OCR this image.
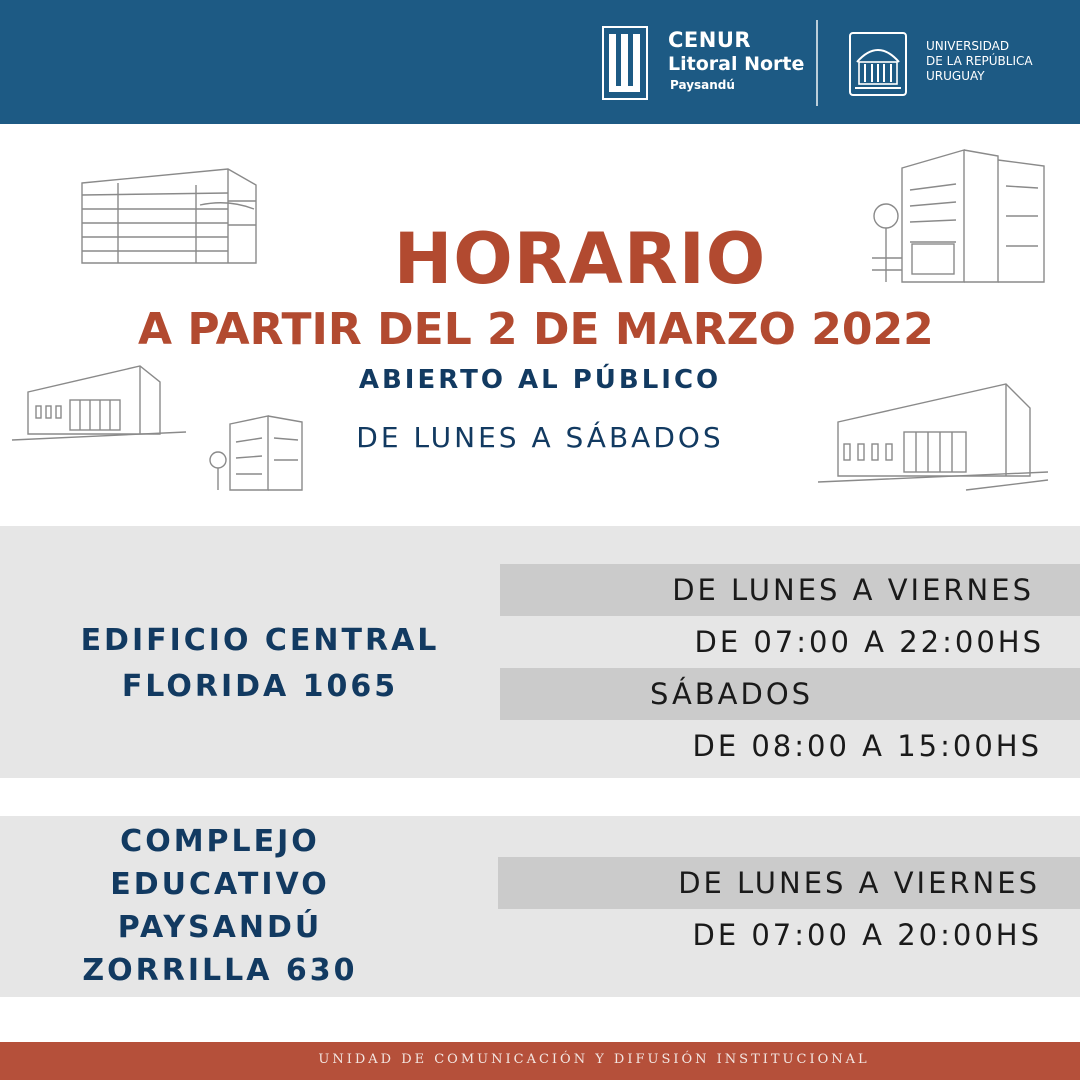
CENUR
Litoral Norte
Paysandú
UNIVERSIDAD
DE LA REPÚBLICA
URUGUAY
HORARIO
A PARTIR DEL 2 DE MARZO 2022
ABIERTO AL PÚBLICO
DE LUNES A SÁBADOS
EDIFICIO CENTRAL
FLORIDA 1065
DE LUNES A VIERNES
DE 07:00 A 22:00HS
SÁBADOS
DE 08:00 A 15:00HS
COMPLEJO
EDUCATIVO
PAYSANDÚ
ZORRILLA 630
DE LUNES A VIERNES
DE 07:00 A 20:00HS
UNIDAD DE COMUNICACIÓN Y DIFUSIÓN INSTITUCIONAL
